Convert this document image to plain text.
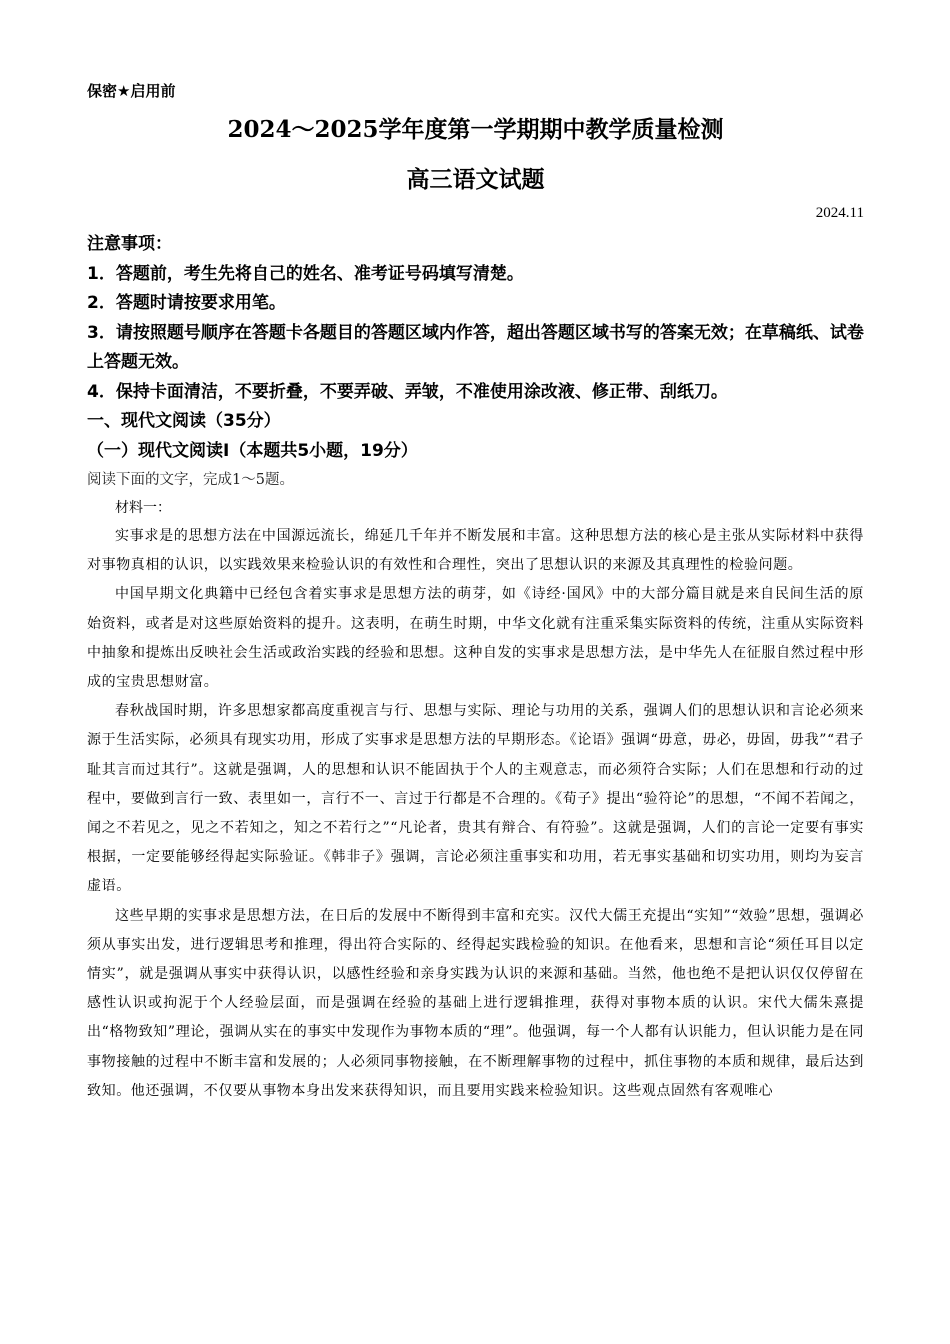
保密★启用前
2024～2025学年度第一学期期中教学质量检测
高三语文试题
2024.11

注意事项：

1．答题前，考生先将自己的姓名、准考证号码填写清楚。

2．答题时请按要求用笔。

3．请按照题号顺序在答题卡各题目的答题区域内作答，超出答题区域书写的答案无效；在草稿纸、试卷上答题无效。

4．保持卡面清洁，不要折叠，不要弄破、弄皱，不准使用涂改液、修正带、刮纸刀。

一、现代文阅读（35分）

（一）现代文阅读Ⅰ（本题共5小题，19分）

阅读下面的文字，完成1～5题。

材料一：

实事求是的思想方法在中国源远流长，绵延几千年并不断发展和丰富。这种思想方法的核心是主张从实际材料中获得对事物真相的认识，以实践效果来检验认识的有效性和合理性，突出了思想认识的来源及其真理性的检验问题。

中国早期文化典籍中已经包含着实事求是思想方法的萌芽，如《诗经·国风》中的大部分篇目就是来自民间生活的原始资料，或者是对这些原始资料的提升。这表明，在萌生时期，中华文化就有注重采集实际资料的传统，注重从实际资料中抽象和提炼出反映社会生活或政治实践的经验和思想。这种自发的实事求是思想方法，是中华先人在征服自然过程中形成的宝贵思想财富。

春秋战国时期，许多思想家都高度重视言与行、思想与实际、理论与功用的关系，强调人们的思想认识和言论必须来源于生活实际，必须具有现实功用，形成了实事求是思想方法的早期形态。《论语》强调“毋意，毋必，毋固，毋我”“君子耻其言而过其行”。这就是强调，人的思想和认识不能固执于个人的主观意志，而必须符合实际；人们在思想和行动的过程中，要做到言行一致、表里如一，言行不一、言过于行都是不合理的。《荀子》提出“验符论”的思想，“不闻不若闻之，闻之不若见之，见之不若知之，知之不若行之”“凡论者，贵其有辩合、有符验”。这就是强调，人们的言论一定要有事实根据，一定要能够经得起实际验证。《韩非子》强调，言论必须注重事实和功用，若无事实基础和切实功用，则均为妄言虚语。

这些早期的实事求是思想方法，在日后的发展中不断得到丰富和充实。汉代大儒王充提出“实知”“效验”思想，强调必须从事实出发，进行逻辑思考和推理，得出符合实际的、经得起实践检验的知识。在他看来，思想和言论“须任耳目以定情实”，就是强调从事实中获得认识，以感性经验和亲身实践为认识的来源和基础。当然，他也绝不是把认识仅仅停留在感性认识或拘泥于个人经验层面，而是强调在经验的基础上进行逻辑推理，获得对事物本质的认识。宋代大儒朱熹提出“格物致知”理论，强调从实在的事实中发现作为事物本质的“理”。他强调，每一个人都有认识能力，但认识能力是在同事物接触的过程中不断丰富和发展的；人必须同事物接触，在不断理解事物的过程中，抓住事物的本质和规律，最后达到致知。他还强调，不仅要从事物本身出发来获得知识，而且要用实践来检验知识。这些观点固然有客观唯心
